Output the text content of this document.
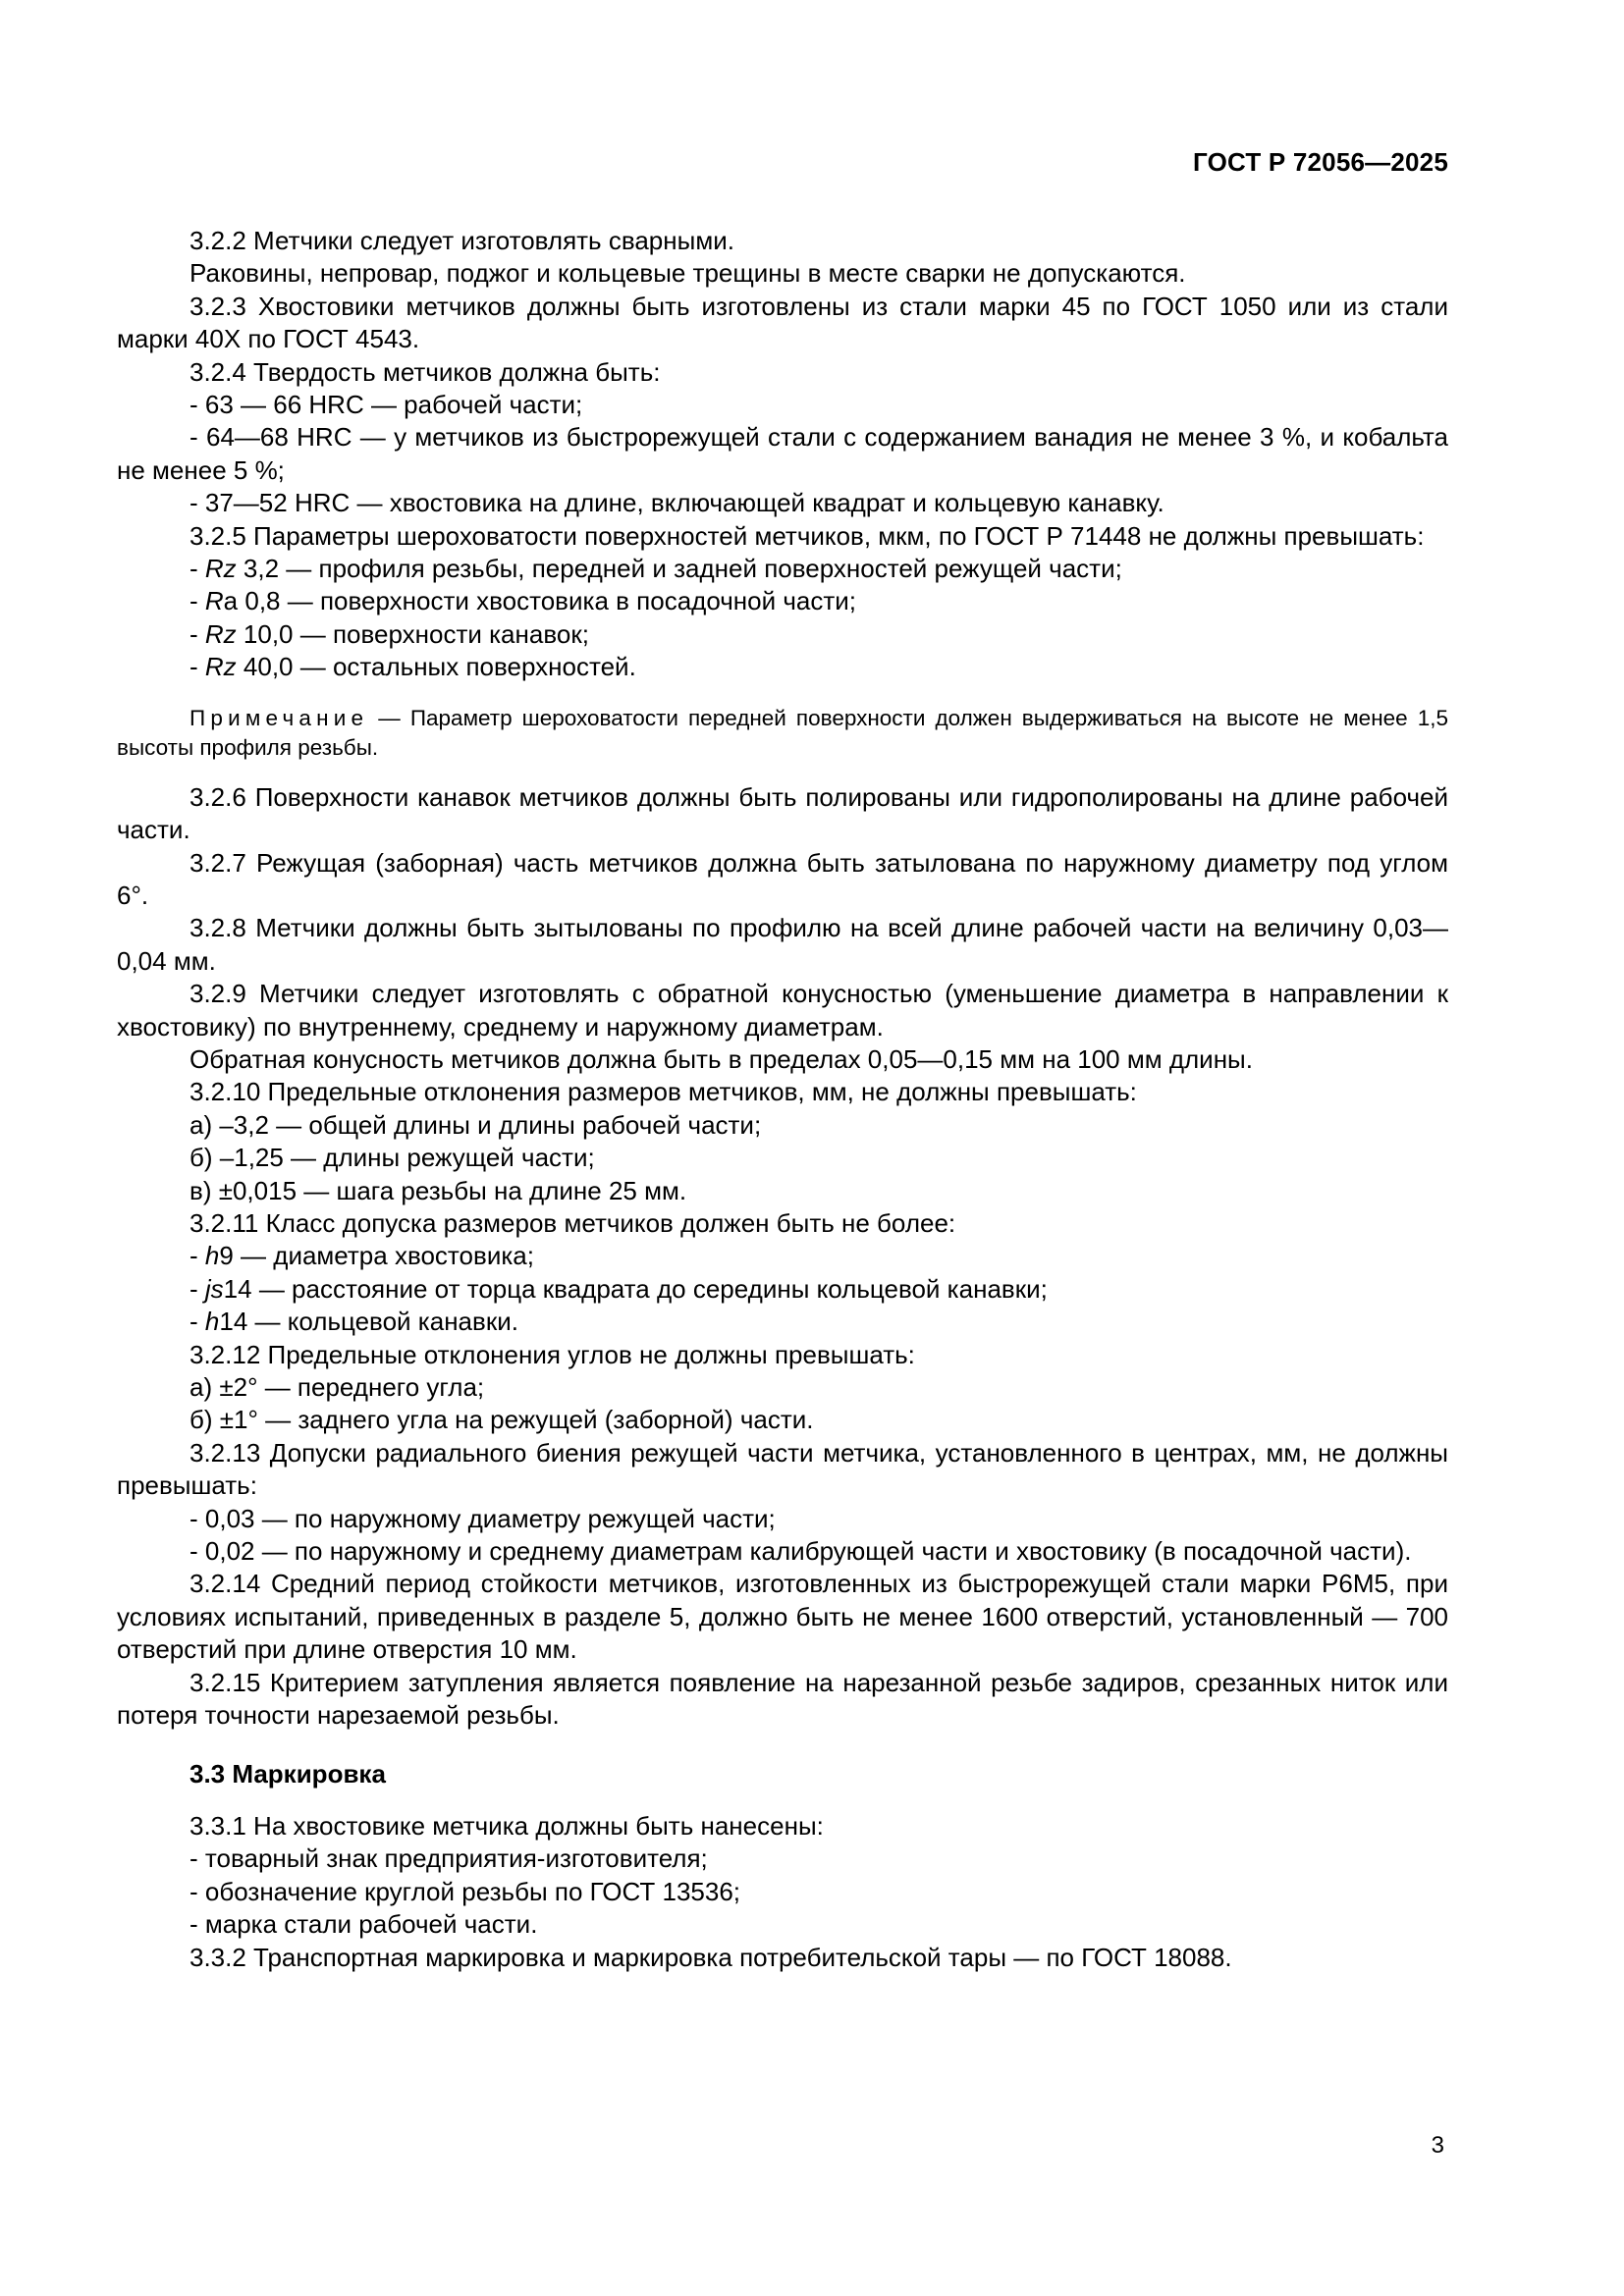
ГОСТ Р 72056—2025

3.2.2 Метчики следует изготовлять сварными.

Раковины, непровар, поджог и кольцевые трещины в месте сварки не допускаются.

3.2.3 Хвостовики метчиков должны быть изготовлены из стали марки 45 по ГОСТ 1050 или из стали марки 40Х по ГОСТ 4543.

3.2.4 Твердость метчиков должна быть:

- 63 — 66 HRC — рабочей части;

- 64—68 HRC — у метчиков из быстрорежущей стали с содержанием ванадия не менее 3 %, и кобальта не менее 5 %;

- 37—52 HRC — хвостовика на длине, включающей квадрат и кольцевую канавку.

3.2.5 Параметры шероховатости поверхностей метчиков, мкм, по ГОСТ Р 71448 не должны превышать:

- Rz 3,2 — профиля резьбы, передней и задней поверхностей режущей части;

- Ra 0,8 — поверхности хвостовика в посадочной части;

- Rz 10,0 — поверхности канавок;

- Rz 40,0 — остальных поверхностей.

Примечание — Параметр шероховатости передней поверхности должен выдерживаться на высоте не менее 1,5 высоты профиля резьбы.

3.2.6 Поверхности канавок метчиков должны быть полированы или гидрополированы на длине рабочей части.

3.2.7 Режущая (заборная) часть метчиков должна быть затылована по наружному диаметру под углом 6°.

3.2.8 Метчики должны быть зытылованы по профилю на всей длине рабочей части на величину 0,03—0,04 мм.

3.2.9 Метчики следует изготовлять с обратной конусностью (уменьшение диаметра в направлении к хвостовику) по внутреннему, среднему и наружному диаметрам.

Обратная конусность метчиков должна быть в пределах 0,05—0,15 мм на 100 мм длины.

3.2.10 Предельные отклонения размеров метчиков, мм, не должны превышать:

а) –3,2 — общей длины и длины рабочей части;

б) –1,25 — длины режущей части;

в) ±0,015 — шага резьбы на длине 25 мм.

3.2.11 Класс допуска размеров метчиков должен быть не более:

- h9 — диаметра хвостовика;

- js14 — расстояние от торца квадрата до середины кольцевой канавки;

- h14 — кольцевой канавки.

3.2.12 Предельные отклонения углов не должны превышать:

а) ±2° — переднего угла;

б) ±1° — заднего угла на режущей (заборной) части.

3.2.13 Допуски радиального биения режущей части метчика, установленного в центрах, мм, не должны превышать:

- 0,03 — по наружному диаметру режущей части;

- 0,02 — по наружному и среднему диаметрам калибрующей части и хвостовику (в посадочной части).

3.2.14 Средний период стойкости метчиков, изготовленных из быстрорежущей стали марки Р6М5, при условиях испытаний, приведенных в разделе 5, должно быть не менее 1600 отверстий, установленный — 700 отверстий при длине отверстия 10 мм.

3.2.15 Критерием затупления является появление на нарезанной резьбе задиров, срезанных ниток или потеря точности нарезаемой резьбы.

3.3 Маркировка

3.3.1 На хвостовике метчика должны быть нанесены:

- товарный знак предприятия-изготовителя;

- обозначение круглой резьбы по ГОСТ 13536;

- марка стали рабочей части.

3.3.2 Транспортная маркировка и маркировка потребительской тары — по ГОСТ 18088.

3
